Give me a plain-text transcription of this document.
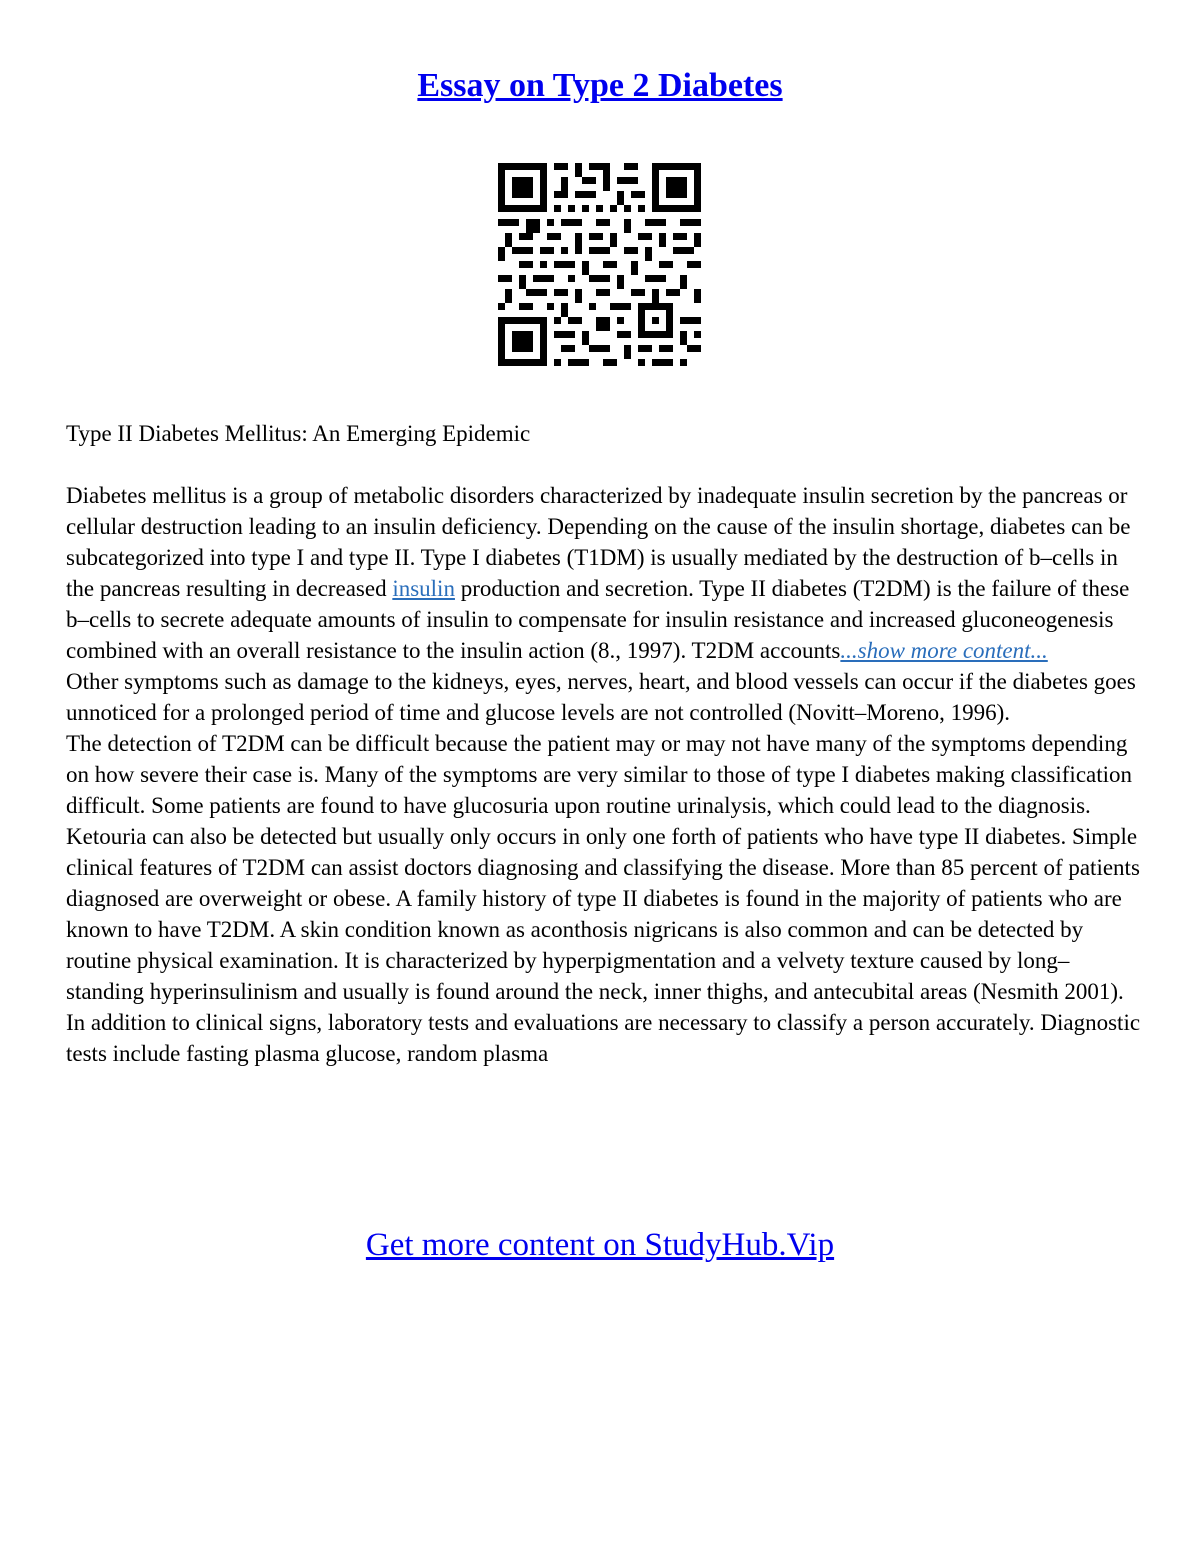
Essay on Type 2 Diabetes
Type II Diabetes Mellitus: An Emerging Epidemic

Diabetes mellitus is a group of metabolic disorders characterized by inadequate insulin secretion by the pancreas or cellular destruction leading to an insulin deficiency. Depending on the cause of the insulin shortage, diabetes can be subcategorized into type I and type II. Type I diabetes (T1DM) is usually mediated by the destruction of b–cells in the pancreas resulting in decreased insulin production and secretion. Type II diabetes (T2DM) is the failure of these b–cells to secrete adequate amounts of insulin to compensate for insulin resistance and increased gluconeogenesis combined with an overall resistance to the insulin action (8., 1997). T2DM accounts...show more content...

Other symptoms such as damage to the kidneys, eyes, nerves, heart, and blood vessels can occur if the diabetes goes unnoticed for a prolonged period of time and glucose levels are not controlled (Novitt–Moreno, 1996).

The detection of T2DM can be difficult because the patient may or may not have many of the symptoms depending on how severe their case is. Many of the symptoms are very similar to those of type I diabetes making classification difficult. Some patients are found to have glucosuria upon routine urinalysis, which could lead to the diagnosis. Ketouria can also be detected but usually only occurs in only one forth of patients who have type II diabetes. Simple clinical features of T2DM can assist doctors diagnosing and classifying the disease. More than 85 percent of patients diagnosed are overweight or obese. A family history of type II diabetes is found in the majority of patients who are known to have T2DM. A skin condition known as aconthosis nigricans is also common and can be detected by routine physical examination. It is characterized by hyperpigmentation and a velvety texture caused by long–standing hyperinsulinism and usually is found around the neck, inner thighs, and antecubital areas (Nesmith 2001).

In addition to clinical signs, laboratory tests and evaluations are necessary to classify a person accurately. Diagnostic tests include fasting plasma glucose, random plasma

Get more content on StudyHub.Vip
